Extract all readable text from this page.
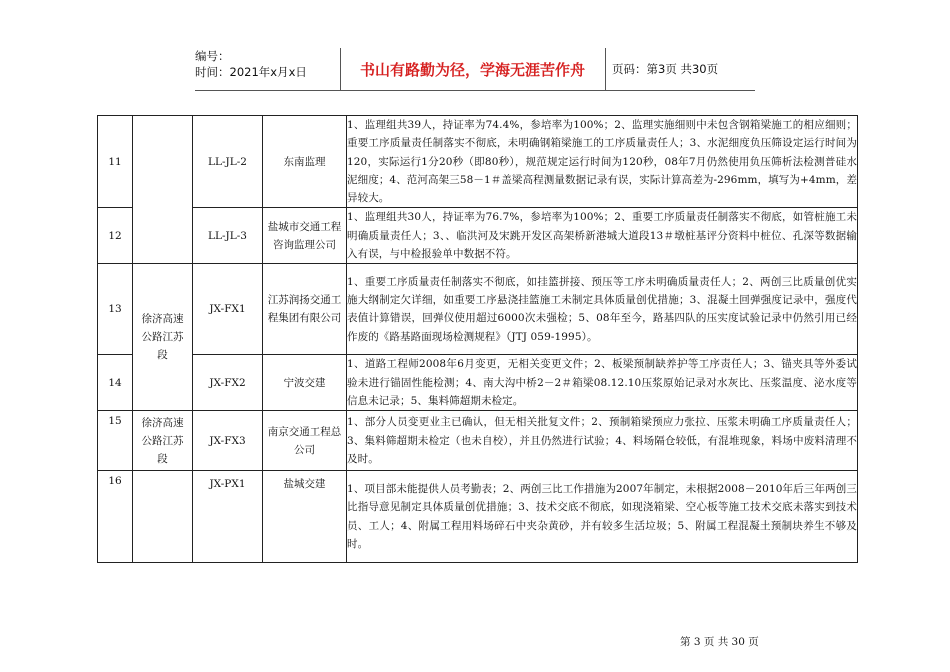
编号：
时间：2021年x月x日	书山有路勤为径，学海无涯苦作舟	页码：第3页 共30页
11		LL-JL-2	东南监理	1、监理组共39人，持证率为74.4%，参培率为100%；2、监理实施细则中未包含钢箱梁施工的相应细则；重要工序质量责任制落实不彻底，未明确钢箱梁施工的工序质量责任人；3、水泥细度负压筛设定运行时间为120，实际运行1分20秒（即80秒），规范规定运行时间为120秒，08年7月仍然使用负压筛析法检测普硅水泥细度；4、范河高架三58－1＃盖梁高程测量数据记录有误，实际计算高差为-296mm，填写为+4mm，差异较大。
12		LL-JL-3	盐城市交通工程咨询监理公司	1、监理组共30人，持证率为76.7%，参培率为100%；2、重要工序质量责任制落实不彻底，如管桩施工未明确质量责任人；3、、临洪河及宋跳开发区高架桥新港城大道段13＃墩桩基评分资料中桩位、孔深等数据输入有误，与中检报验单中数据不符。
13	徐济高速公路江苏段	JX-FX1	江苏润扬交通工程集团有限公司	1、重要工序质量责任制落实不彻底，如挂篮拼接、预压等工序未明确质量责任人；2、两创三比质量创优实施大纲制定欠详细，如重要工序悬浇挂篮施工未制定具体质量创优措施；3、混凝土回弹强度记录中，强度代表值计算错误，回弹仪使用超过6000次未强检；5、08年至今，路基四队的压实度试验记录中仍然引用已经作废的《路基路面现场检测规程》（JTJ 059-1995）。
14		JX-FX2	宁波交建	1、道路工程师2008年6月变更，无相关变更文件；2、板梁预制缺养护等工序责任人；3、锚夹具等外委试验未进行锚固性能检测；4、南大沟中桥2－2＃箱梁08.12.10压浆原始记录对水灰比、压浆温度、泌水度等信息未记录；5、集料筛超期未检定。
15	徐济高速公路江苏段	JX-FX3	南京交通工程总公司	1、部分人员变更业主已确认，但无相关批复文件；2、预制箱梁预应力张拉、压浆未明确工序质量责任人；3、集料筛超期未检定（也未自校），并且仍然进行试验；4、料场隔仓较低，有混堆现象，料场中废料清理不及时。
16		JX-PX1	盐城交建	1、项目部未能提供人员考勤表；2、两创三比工作措施为2007年制定，未根据2008－2010年后三年两创三比指导意见制定具体质量创优措施；3、技术交底不彻底，如现浇箱梁、空心板等施工技术交底未落实到技术员、工人；4、附属工程用料场碎石中夹杂黄砂，并有较多生活垃圾；5、附属工程混凝土预制块养生不够及时。
第 3 页 共 30 页
